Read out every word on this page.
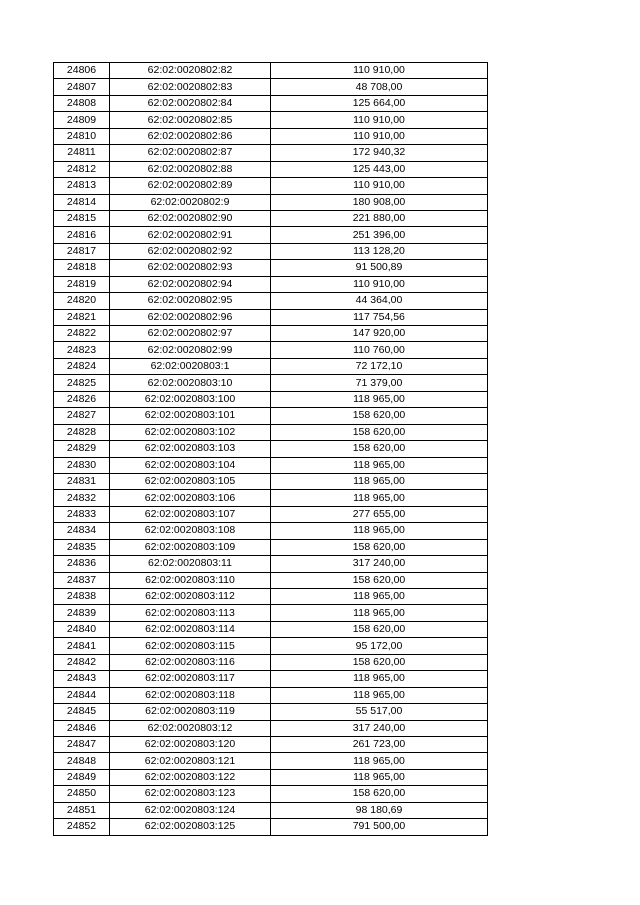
24806	62:02:0020802:82	110 910,00
24807	62:02:0020802:83	48 708,00
24808	62:02:0020802:84	125 664,00
24809	62:02:0020802:85	110 910,00
24810	62:02:0020802:86	110 910,00
24811	62:02:0020802:87	172 940,32
24812	62:02:0020802:88	125 443,00
24813	62:02:0020802:89	110 910,00
24814	62:02:0020802:9	180 908,00
24815	62:02:0020802:90	221 880,00
24816	62:02:0020802:91	251 396,00
24817	62:02:0020802:92	113 128,20
24818	62:02:0020802:93	91 500,89
24819	62:02:0020802:94	110 910,00
24820	62:02:0020802:95	44 364,00
24821	62:02:0020802:96	117 754,56
24822	62:02:0020802:97	147 920,00
24823	62:02:0020802:99	110 760,00
24824	62:02:0020803:1	72 172,10
24825	62:02:0020803:10	71 379,00
24826	62:02:0020803:100	118 965,00
24827	62:02:0020803:101	158 620,00
24828	62:02:0020803:102	158 620,00
24829	62:02:0020803:103	158 620,00
24830	62:02:0020803:104	118 965,00
24831	62:02:0020803:105	118 965,00
24832	62:02:0020803:106	118 965,00
24833	62:02:0020803:107	277 655,00
24834	62:02:0020803:108	118 965,00
24835	62:02:0020803:109	158 620,00
24836	62:02:0020803:11	317 240,00
24837	62:02:0020803:110	158 620,00
24838	62:02:0020803:112	118 965,00
24839	62:02:0020803:113	118 965,00
24840	62:02:0020803:114	158 620,00
24841	62:02:0020803:115	95 172,00
24842	62:02:0020803:116	158 620,00
24843	62:02:0020803:117	118 965,00
24844	62:02:0020803:118	118 965,00
24845	62:02:0020803:119	55 517,00
24846	62:02:0020803:12	317 240,00
24847	62:02:0020803:120	261 723,00
24848	62:02:0020803:121	118 965,00
24849	62:02:0020803:122	118 965,00
24850	62:02:0020803:123	158 620,00
24851	62:02:0020803:124	98 180,69
24852	62:02:0020803:125	791 500,00
